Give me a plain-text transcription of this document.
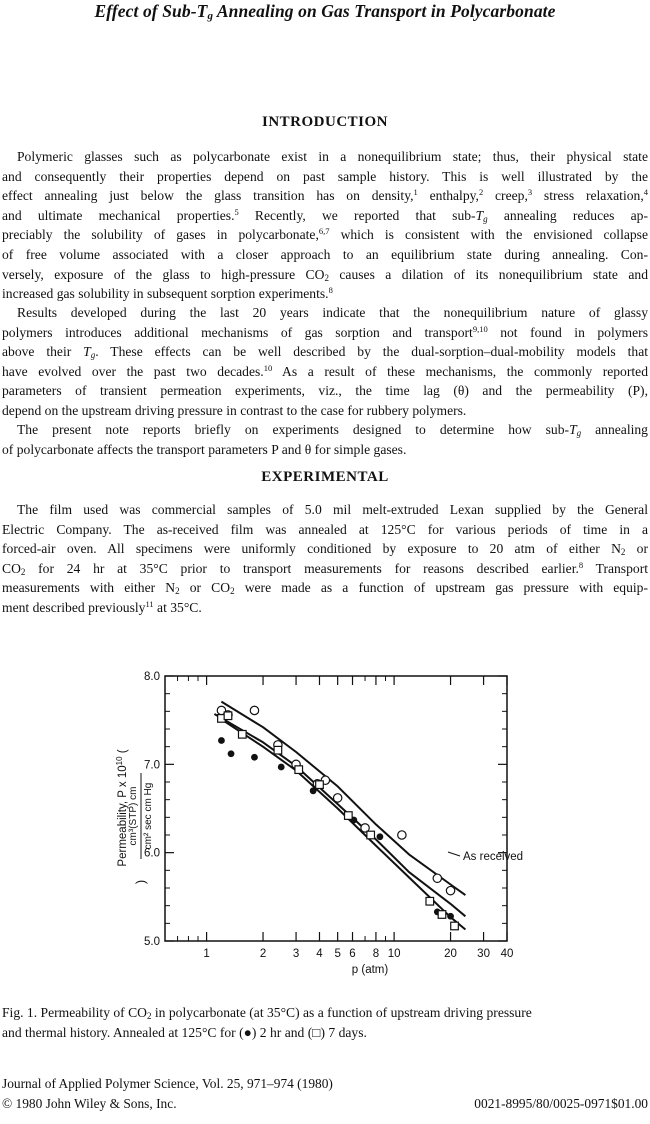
Effect of Sub-$T_g$ Annealing on Gas Transport in Polycarbonate
INTRODUCTION
Polymeric glasses such as polycarbonate exist in a nonequilibrium state; thus, their physical state
and consequently their properties depend on past sample history. This is well illustrated by the
effect annealing just below the glass transition has on density,$^1$ enthalpy,$^2$ creep,$^3$ stress relaxation,$^4$
and ultimate mechanical properties.$^5$ Recently, we reported that sub-$T_g$ annealing reduces ap-
preciably the solubility of gases in polycarbonate,$^{6,7}$ which is consistent with the envisioned collapse
of free volume associated with a closer approach to an equilibrium state during annealing. Con-
versely, exposure of the glass to high-pressure $CO_2$ causes a dilation of its nonequilibrium state and
increased gas solubility in subsequent sorption experiments.$^8$
Results developed during the last 20 years indicate that the nonequilibrium nature of glassy
polymers introduces additional mechanisms of gas sorption and transport$^{9,10}$ not found in polymers
above their $T_g$. These effects can be well described by the dual-sorption–dual-mobility models that
have evolved over the past two decades.$^{10}$ As a result of these mechanisms, the commonly reported
parameters of transient permeation experiments, viz., the time lag (θ) and the permeability (P),
depend on the upstream driving pressure in contrast to the case for rubbery polymers.
The present note reports briefly on experiments designed to determine how sub-$T_g$ annealing
of polycarbonate affects the transport parameters P and θ for simple gases.
EXPERIMENTAL
The film used was commercial samples of 5.0 mil melt-extruded Lexan supplied by the General
Electric Company. The as-received film was annealed at 125°C for various periods of time in a
forced-air oven. All specimens were uniformly conditioned by exposure to 20 atm of either $N_2$ or
$CO_2$ for 24 hr at 35°C prior to transport measurements for reasons described earlier.$^8$ Transport
measurements with either $N_2$ or $CO_2$ were made as a function of upstream gas pressure with equip-
ment described previously$^{11}$ at 35°C.
1	2 3 4 5 6 8 10	20 30 40
5.0
6.0
7.0
8.0
Permeability, P x $10^{10}$ (
cm³(STP) cm cm² sec cm Hg
)
p (atm)
As received
Fig. 1. Permeability of $CO_2$ in polycarbonate (at 35°C) as a function of upstream driving pressure
and thermal history. Annealed at 125°C for (●) 2 hr and (□) 7 days.
Journal of Applied Polymer Science, Vol. 25, 971–974 (1980)
© 1980 John Wiley & Sons, Inc.	0021-8995/80/0025-0971$01.00
